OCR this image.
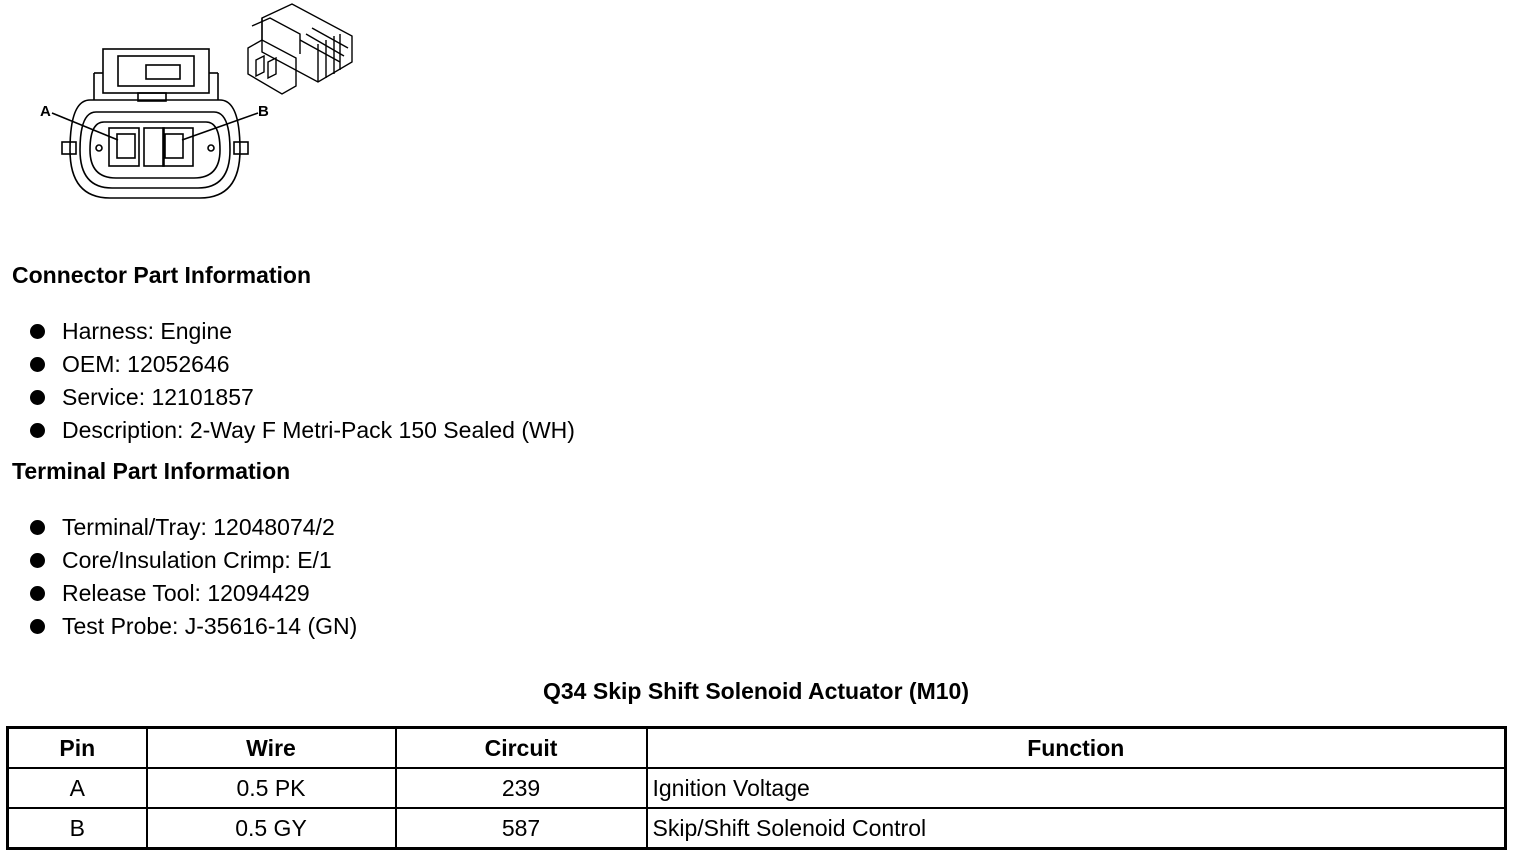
A	B
Connector Part Information
Harness: Engine
OEM: 12052646
Service: 12101857
Description: 2-Way F Metri-Pack 150 Sealed (WH)
Terminal Part Information
Terminal/Tray: 12048074/2
Core/Insulation Crimp: E/1
Release Tool: 12094429
Test Probe: J-35616-14 (GN)
Q34 Skip Shift Solenoid Actuator (M10)
Pin	Wire	Circuit	Function
A	0.5 PK	239	Ignition Voltage
B	0.5 GY	587	Skip/Shift Solenoid Control
